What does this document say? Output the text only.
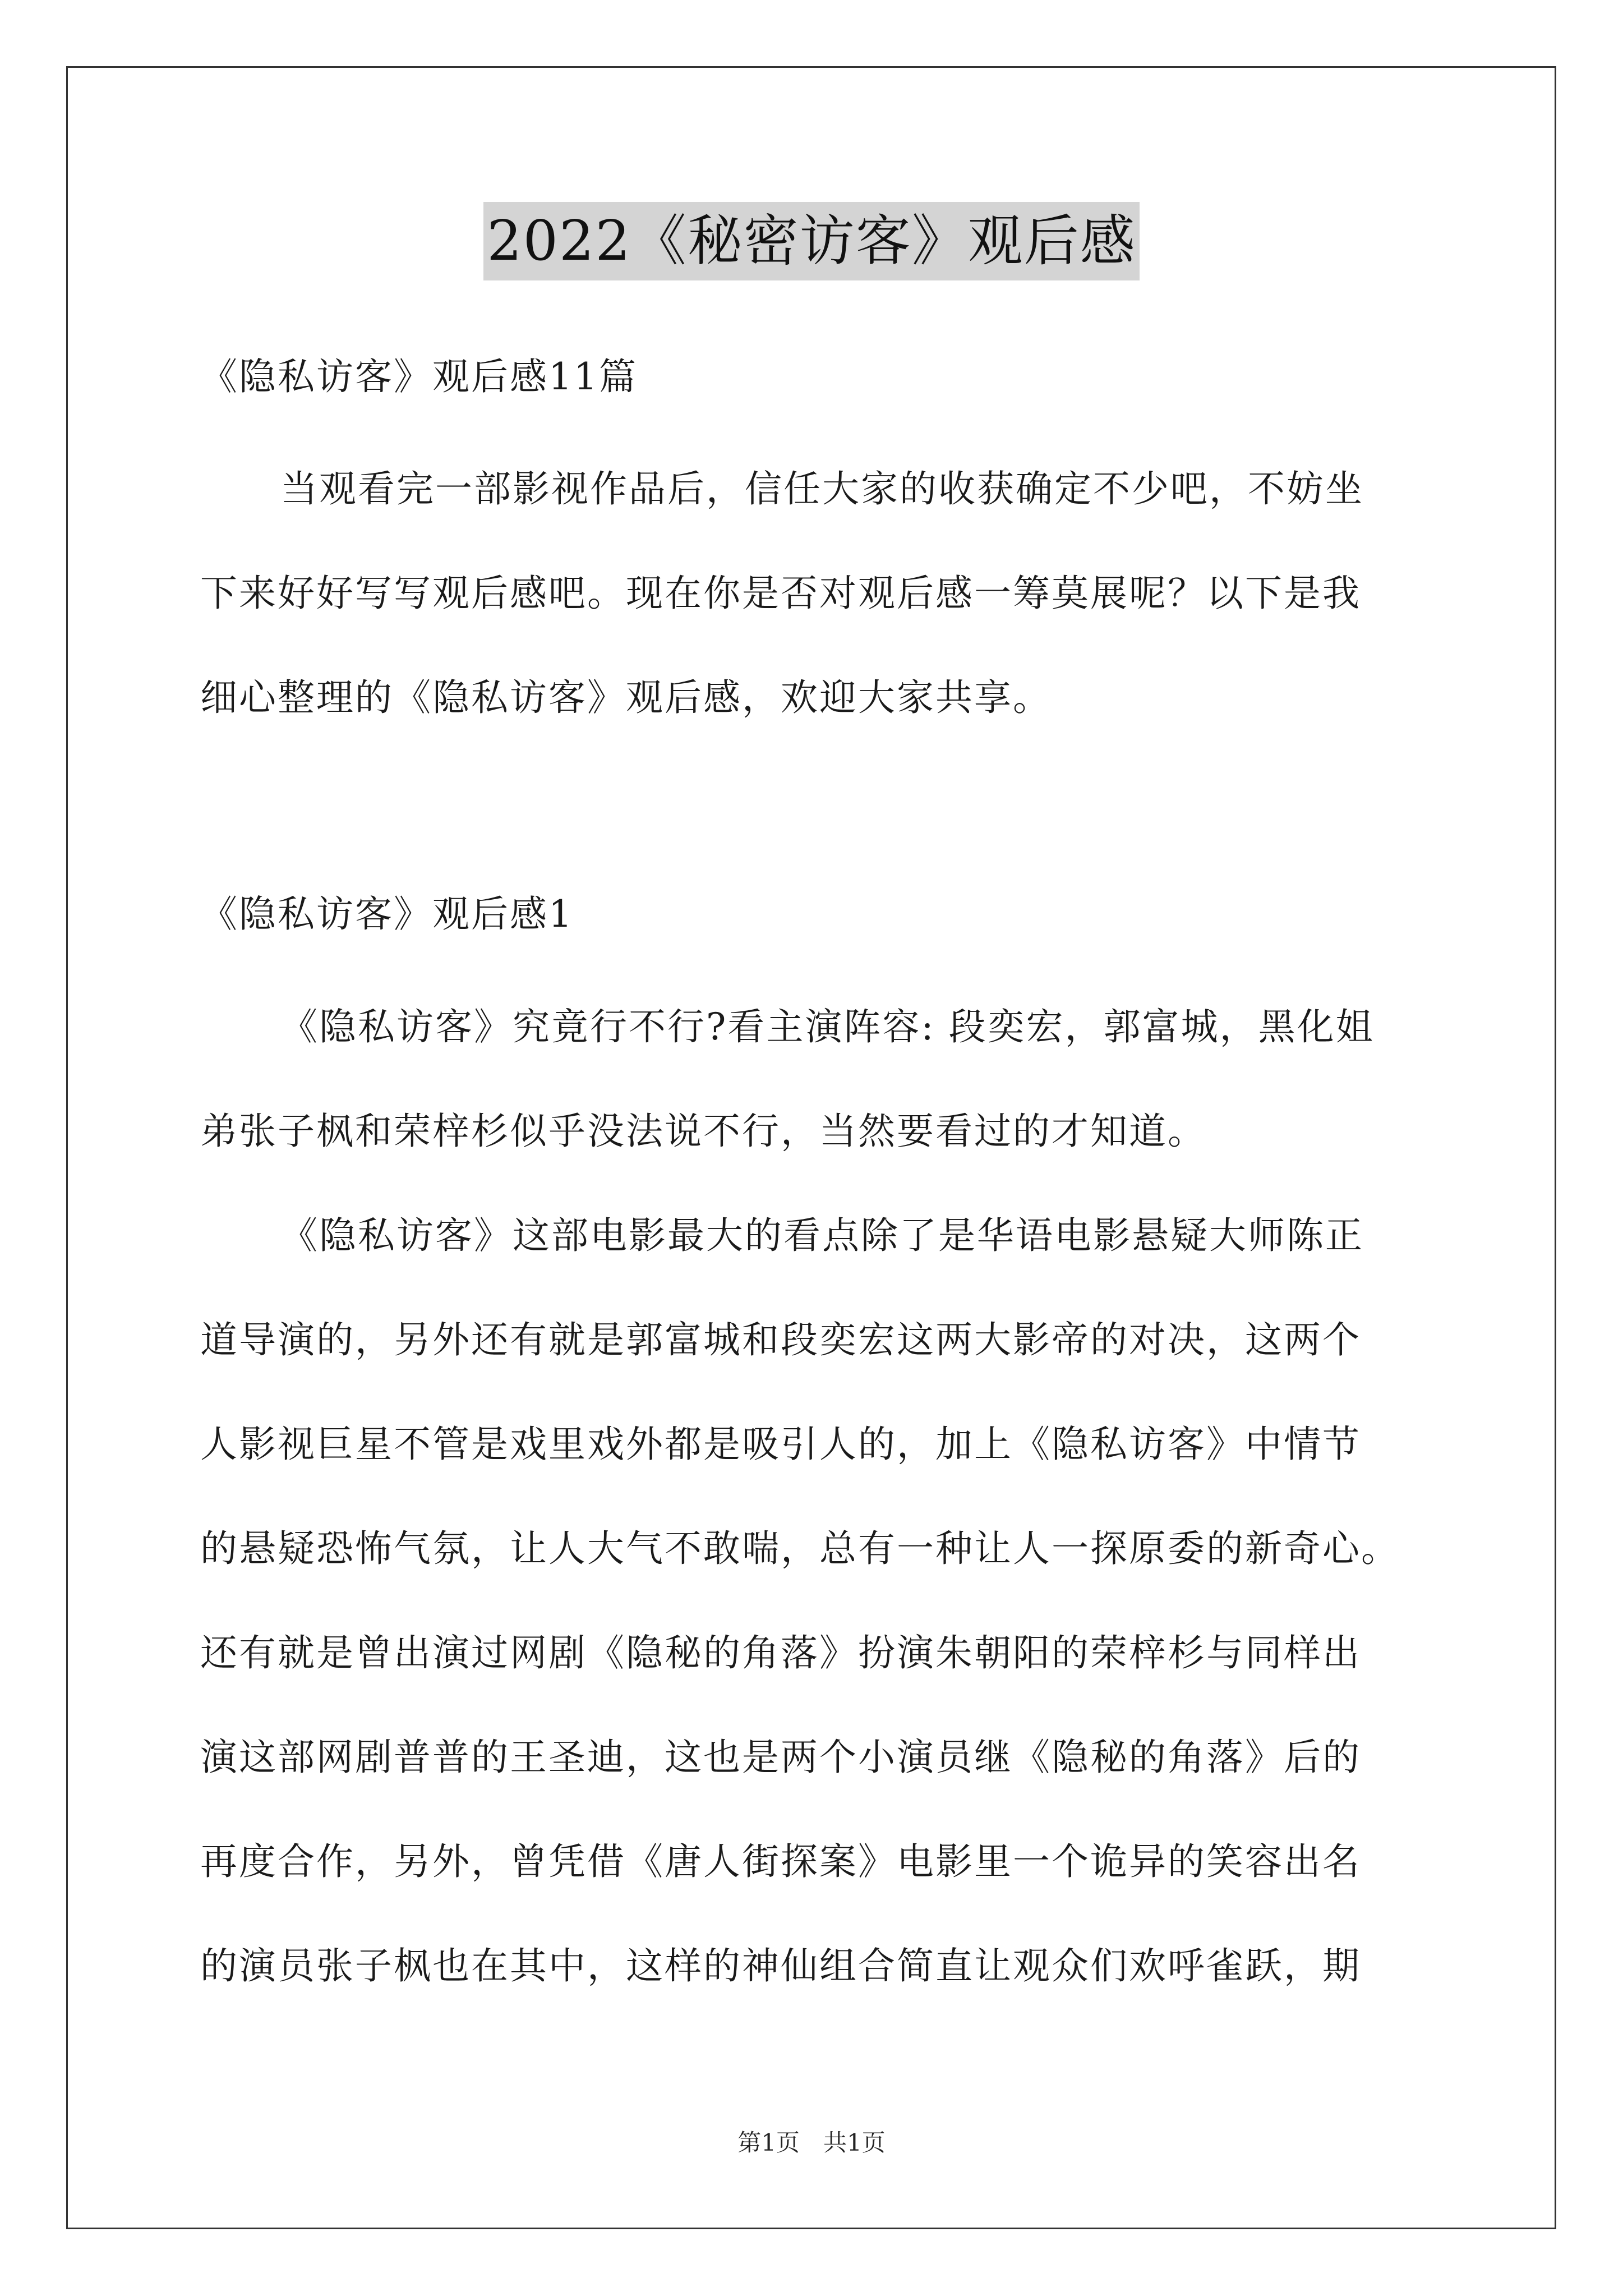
2022《秘密访客》观后感
《隐私访客》观后感11篇
当观看完一部影视作品后，信任大家的收获确定不少吧，不妨坐
下来好好写写观后感吧。现在你是否对观后感一筹莫展呢？以下是我
细心整理的《隐私访客》观后感，欢迎大家共享。
《隐私访客》观后感1
《隐私访客》究竟行不行?看主演阵容: 段奕宏，郭富城，黑化姐
弟张子枫和荣梓杉似乎没法说不行，当然要看过的才知道。
《隐私访客》这部电影最大的看点除了是华语电影悬疑大师陈正
道导演的，另外还有就是郭富城和段奕宏这两大影帝的对决，这两个
人影视巨星不管是戏里戏外都是吸引人的，加上《隐私访客》中情节
的悬疑恐怖气氛，让人大气不敢喘，总有一种让人一探原委的新奇心。
还有就是曾出演过网剧《隐秘的角落》扮演朱朝阳的荣梓杉与同样出
演这部网剧普普的王圣迪，这也是两个小演员继《隐秘的角落》后的
再度合作，另外，曾凭借《唐人街探案》电影里一个诡异的笑容出名
的演员张子枫也在其中，这样的神仙组合简直让观众们欢呼雀跃，期
第1页　共1页
